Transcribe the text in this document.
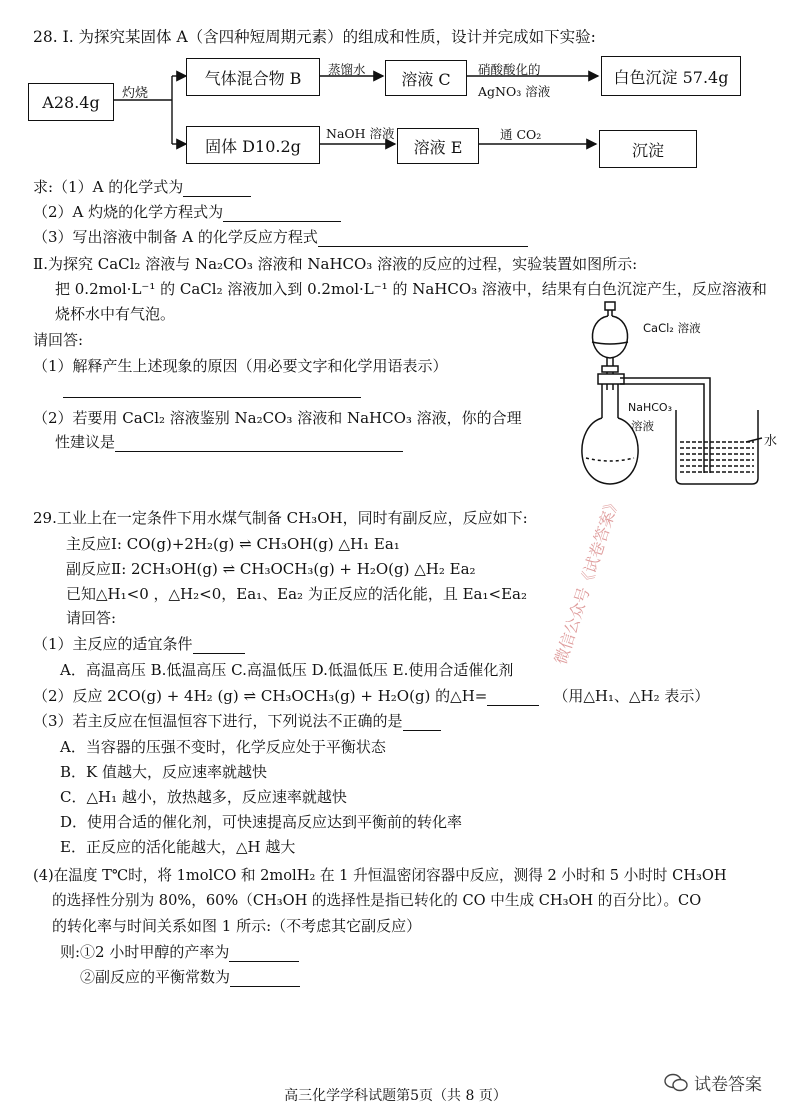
28. Ⅰ. 为探究某固体 A（含四种短周期元素）的组成和性质，设计并完成如下实验:
A28.4g	灼烧
气体混合物 B	蒸馏水	溶液 C	硝酸酸化的
AgNO₃ 溶液
白色沉淀 57.4g
固体 D10.2g
NaOH 溶液
溶液 E
通 CO₂
沉淀
求:（1）A 的化学式为
（2）A 灼烧的化学方程式为
（3）写出溶液中制备 A 的化学反应方程式
Ⅱ.为探究 CaCl₂ 溶液与 Na₂CO₃ 溶液和 NaHCO₃ 溶液的反应的过程，实验装置如图所示:
把 0.2mol·L⁻¹ 的 CaCl₂ 溶液加入到 0.2mol·L⁻¹ 的 NaHCO₃ 溶液中，结果有白色沉淀产生，反应溶液和
烧杯水中有气泡。
请回答:
（1）解释产生上述现象的原因（用必要文字和化学用语表示）
（2）若要用 CaCl₂ 溶液鉴别 Na₂CO₃ 溶液和 NaHCO₃ 溶液，你的合理
性建议是
CaCl₂ 溶液
NaHCO₃
溶液
水
29.工业上在一定条件下用水煤气制备 CH₃OH，同时有副反应，反应如下:
主反应Ⅰ: CO(g)+2H₂(g) ⇌ CH₃OH(g) △H₁ Ea₁
副反应Ⅱ: 2CH₃OH(g) ⇌ CH₃OCH₃(g) + H₂O(g) △H₂ Ea₂
已知△H₁<0 ，△H₂<0，Ea₁、Ea₂ 为正反应的活化能，且 Ea₁<Ea₂
请回答:
（1）主反应的适宜条件
A．高温高压 B.低温高压 C.高温低压 D.低温低压 E.使用合适催化剂
（2）反应 2CO(g) + 4H₂ (g) ⇌ CH₃OCH₃(g) + H₂O(g) 的△H=	（用△H₁、△H₂ 表示）
（3）若主反应在恒温恒容下进行，下列说法不正确的是
A．当容器的压强不变时，化学反应处于平衡状态
B．K 值越大，反应速率就越快
C．△H₁ 越小，放热越多，反应速率就越快
D．使用合适的催化剂，可快速提高反应达到平衡前的转化率
E．正反应的活化能越大，△H 越大
(4)在温度 T℃时，将 1molCO 和 2molH₂ 在 1 升恒温密闭容器中反应，测得 2 小时和 5 小时时 CH₃OH
的选择性分别为 80%，60%（CH₃OH 的选择性是指已转化的 CO 中生成 CH₃OH 的百分比）。CO
的转化率与时间关系如图 1 所示:（不考虑其它副反应）
则:①2 小时甲醇的产率为
②副反应的平衡常数为
微信公众号《试卷答案》
高三化学学科试题第5页（共 8 页）
试卷答案
